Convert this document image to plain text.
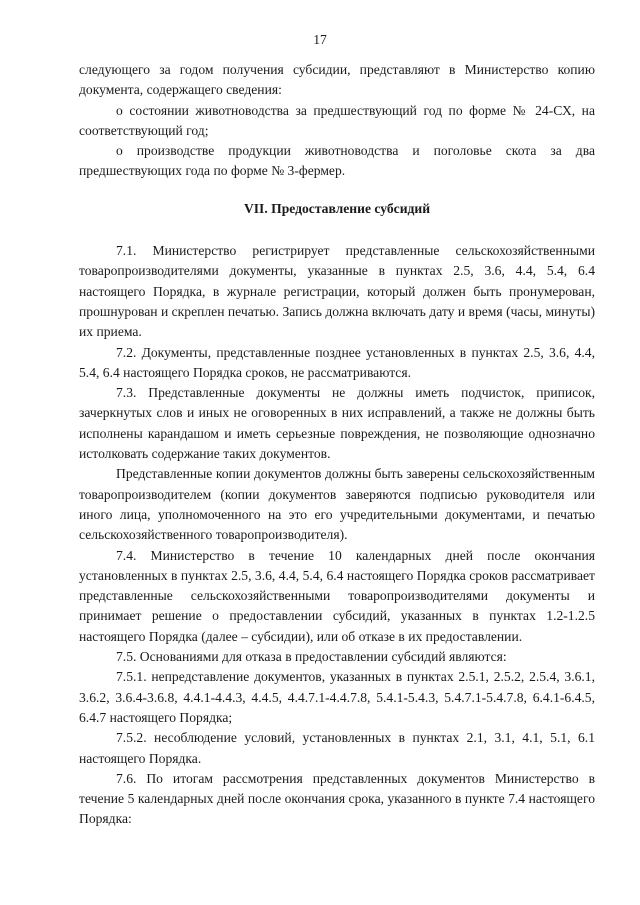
17

следующего за годом получения субсидии, представляют в Министерство копию документа, содержащего сведения:

о состоянии животноводства за предшествующий год по форме № 24-СХ, на соответствующий год;

о производстве продукции животноводства и поголовье скота за два предшествующих года по форме № 3-фермер.

VII. Предоставление субсидий

7.1. Министерство регистрирует представленные сельскохозяйственными товаропроизводителями документы, указанные в пунктах 2.5, 3.6, 4.4, 5.4, 6.4 настоящего Порядка, в журнале регистрации, который должен быть пронумерован, прошнурован и скреплен печатью. Запись должна включать дату и время (часы, минуты) их приема.

7.2. Документы, представленные позднее установленных в пунктах 2.5, 3.6, 4.4, 5.4, 6.4 настоящего Порядка сроков, не рассматриваются.

7.3. Представленные документы не должны иметь подчисток, приписок, зачеркнутых слов и иных не оговоренных в них исправлений, а также не должны быть исполнены карандашом и иметь серьезные повреждения, не позволяющие однозначно истолковать содержание таких документов.

Представленные копии документов должны быть заверены сельскохозяйственным товаропроизводителем (копии документов заверяются подписью руководителя или иного лица, уполномоченного на это его учредительными документами, и печатью сельскохозяйственного товаропроизводителя).

7.4. Министерство в течение 10 календарных дней после окончания установленных в пунктах 2.5, 3.6, 4.4, 5.4, 6.4 настоящего Порядка сроков рассматривает представленные сельскохозяйственными товаропроизводителями документы и принимает решение о предоставлении субсидий, указанных в пунктах 1.2-1.2.5 настоящего Порядка (далее – субсидии), или об отказе в их предоставлении.

7.5. Основаниями для отказа в предоставлении субсидий являются:

7.5.1. непредставление документов, указанных в пунктах 2.5.1, 2.5.2, 2.5.4, 3.6.1, 3.6.2, 3.6.4-3.6.8, 4.4.1-4.4.3, 4.4.5, 4.4.7.1-4.4.7.8, 5.4.1-5.4.3, 5.4.7.1-5.4.7.8, 6.4.1-6.4.5, 6.4.7 настоящего Порядка;

7.5.2. несоблюдение условий, установленных в пунктах 2.1, 3.1, 4.1, 5.1, 6.1 настоящего Порядка.

7.6. По итогам рассмотрения представленных документов Министерство в течение 5 календарных дней после окончания срока, указанного в пункте 7.4 настоящего Порядка:
